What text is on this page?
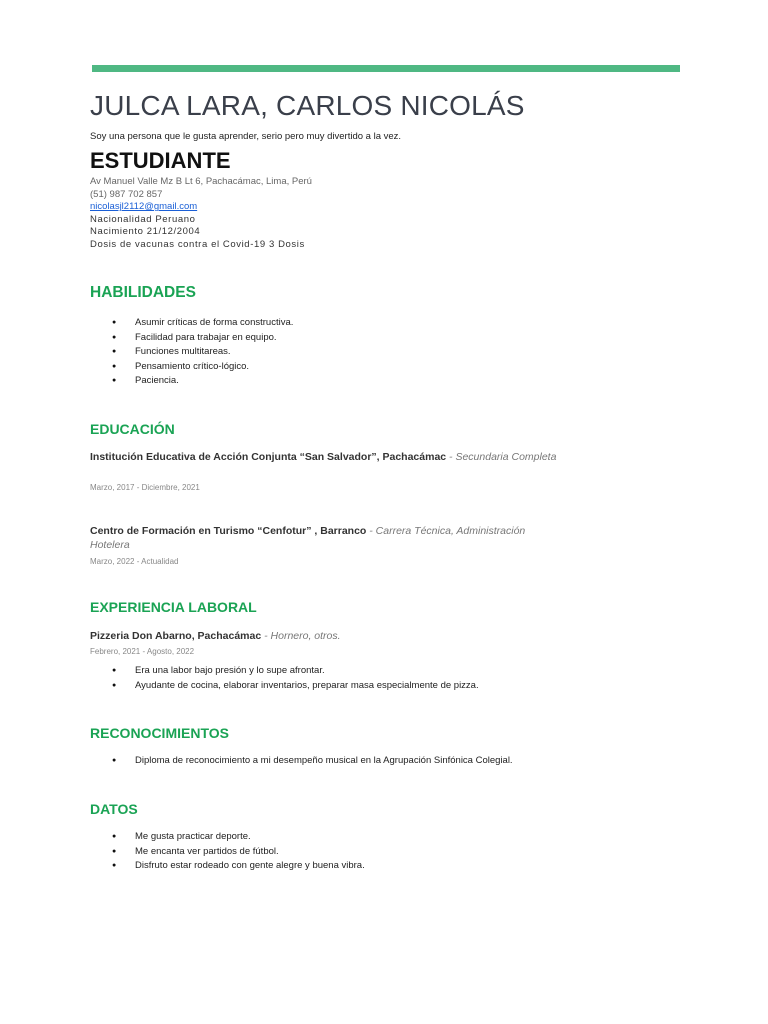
JULCA LARA, CARLOS NICOLÁS
Soy una persona que le gusta aprender, serio pero muy divertido a la vez.
ESTUDIANTE
Av Manuel Valle Mz B Lt 6, Pachacámac, Lima, Perú
(51) 987 702 857
nicolasjl2112@gmail.com
Nacionalidad Peruano
Nacimiento 21/12/2004
Dosis de vacunas contra el Covid-19 3 Dosis
HABILIDADES
● Asumir críticas de forma constructiva.
● Facilidad para trabajar en equipo.
● Funciones multitareas.
● Pensamiento crítico-lógico.
● Paciencia.
EDUCACIÓN
Institución Educativa de Acción Conjunta “San Salvador”, Pachacámac - Secundaria Completa
Marzo, 2017 - Diciembre, 2021
Centro de Formación en Turismo “Cenfotur” , Barranco - Carrera Técnica, Administración Hotelera
Marzo, 2022 - Actualidad
EXPERIENCIA LABORAL
Pizzeria Don Abarno, Pachacámac - Hornero, otros.
Febrero, 2021 - Agosto, 2022
● Era una labor bajo presión y lo supe afrontar.
● Ayudante de cocina, elaborar inventarios, preparar masa especialmente de pizza.
RECONOCIMIENTOS
● Diploma de reconocimiento a mi desempeño musical en la Agrupación Sinfónica Colegial.
DATOS
● Me gusta practicar deporte.
● Me encanta ver partidos de fútbol.
● Disfruto estar rodeado con gente alegre y buena vibra.
